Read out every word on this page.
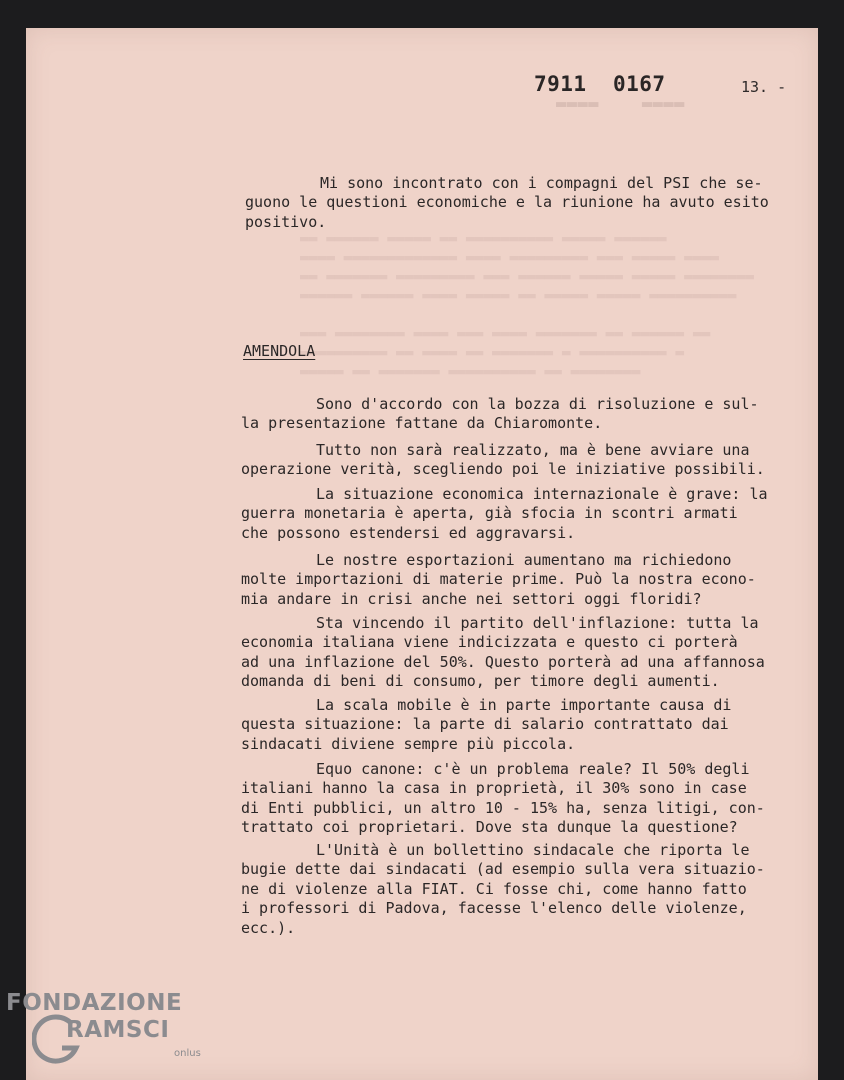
7911 0167
▬▬▬▬    ▬▬▬▬
13. -

Mi sono incontrato con i compagni del PSI che se-
guono le questioni economiche e la riunione ha avuto esito
positivo.

AMENDOLA

Sono d'accordo con la bozza di risoluzione e sul-
la presentazione fattane da Chiaromonte.

Tutto non sarà realizzato, ma è bene avviare una
operazione verità, scegliendo poi le iniziative possibili.

La situazione economica internazionale è grave: la
guerra monetaria è aperta, già sfocia in scontri armati
che possono estendersi ed aggravarsi.

Le nostre esportazioni aumentano ma richiedono
molte importazioni di materie prime. Può la nostra econo-
mia andare in crisi anche nei settori oggi floridi?

Sta vincendo il partito dell'inflazione: tutta la
economia italiana viene indicizzata e questo ci porterà
ad una inflazione del 50%. Questo porterà ad una affannosa
domanda di beni di consumo, per timore degli aumenti.

La scala mobile è in parte importante causa di
questa situazione: la parte di salario contrattato dai
sindacati diviene sempre più piccola.

Equo canone: c'è un problema reale? Il 50% degli
italiani hanno la casa in proprietà, il 30% sono in case
di Enti pubblici, un altro 10 - 15% ha, senza litigi, con-
trattato coi proprietari. Dove sta dunque la questione?

L'Unità è un bollettino sindacale che riporta le
bugie dette dai sindacati (ad esempio sulla vera situazio-
ne di violenze alla FIAT. Ci fosse chi, come hanno fatto
i professori di Padova, facesse l'elenco delle violenze,
ecc.).

FONDAZIONE
RAMSCI
onlus
